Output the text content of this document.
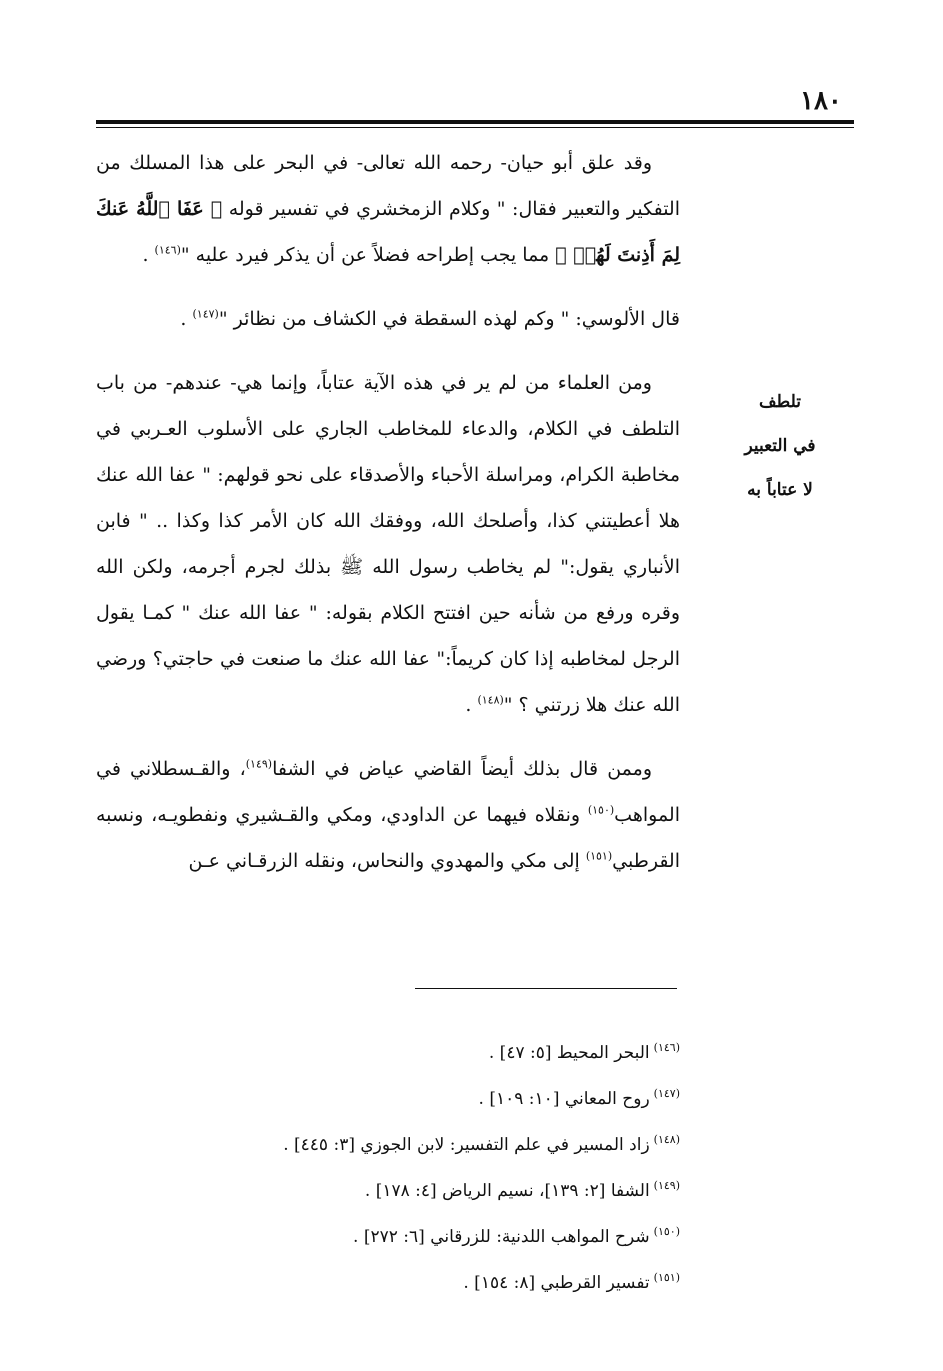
١٨٠

وقد علق أبو حيان- رحمه الله تعالى- في البحر على هذا المسلك من التفكير والتعبير فقال: " وكلام الزمخشري في تفسير قوله ﴿ عَفَا ٱللَّهُ عَنكَ لِمَ أَذِنتَ لَهُمۡ ﴾ مما يجب إطراحه فضلاً عن أن يذكر فيرد عليه "$^{(١٤٦)}$ .

قال الألوسي: " وكم لهذه السقطة في الكشاف من نظائر "$^{(١٤٧)}$ .

ومن العلماء من لم ير في هذه الآية عتاباً، وإنما هي- عندهم- من باب التلطف في الكلام، والدعاء للمخاطب الجاري على الأسلوب العـربي في مخاطبة الكرام، ومراسلة الأحباء والأصدقاء على نحو قولهم: " عفا الله عنك هلا أعطيتني كذا، وأصلحك الله، ووفقك الله كان الأمر كذا وكذا .. " فابن الأنباري يقول:" لم يخاطب رسول الله ﷺ بذلك لجرم أجرمه، ولكن الله وقره ورفع من شأنه حين افتتح الكلام بقوله: " عفا الله عنك " كمـا يقول الرجل لمخاطبه إذا كان كريماً:" عفا الله عنك ما صنعت في حاجتي؟ ورضي الله عنك هلا زرتني ؟ "$^{(١٤٨)}$ .

وممن قال بذلك أيضاً القاضي عياض في الشفا$^{(١٤٩)}$، والقـسطلاني في المواهب$^{(١٥٠)}$ ونقلاه فيهما عن الداودي، ومكي والقـشيري ونفطويـه، ونسبه القرطبي$^{(١٥١)}$ إلى مكي والمهدوي والنحاس، ونقله الزرقـاني عـن

تلطف
في التعبير
لا عتاباً به
$^{(١٤٦)}$البحر المحيط [٥: ٤٧] .
$^{(١٤٧)}$روح المعاني [١٠: ١٠٩] .
$^{(١٤٨)}$زاد المسير في علم التفسير: لابن الجوزي [٣: ٤٤٥] .
$^{(١٤٩)}$الشفا [٢: ١٣٩]، نسيم الرياض [٤: ١٧٨] .
$^{(١٥٠)}$شرح المواهب اللدنية: للزرقاني [٦: ٢٧٢] .
$^{(١٥١)}$تفسير القرطبي [٨: ١٥٤] .
